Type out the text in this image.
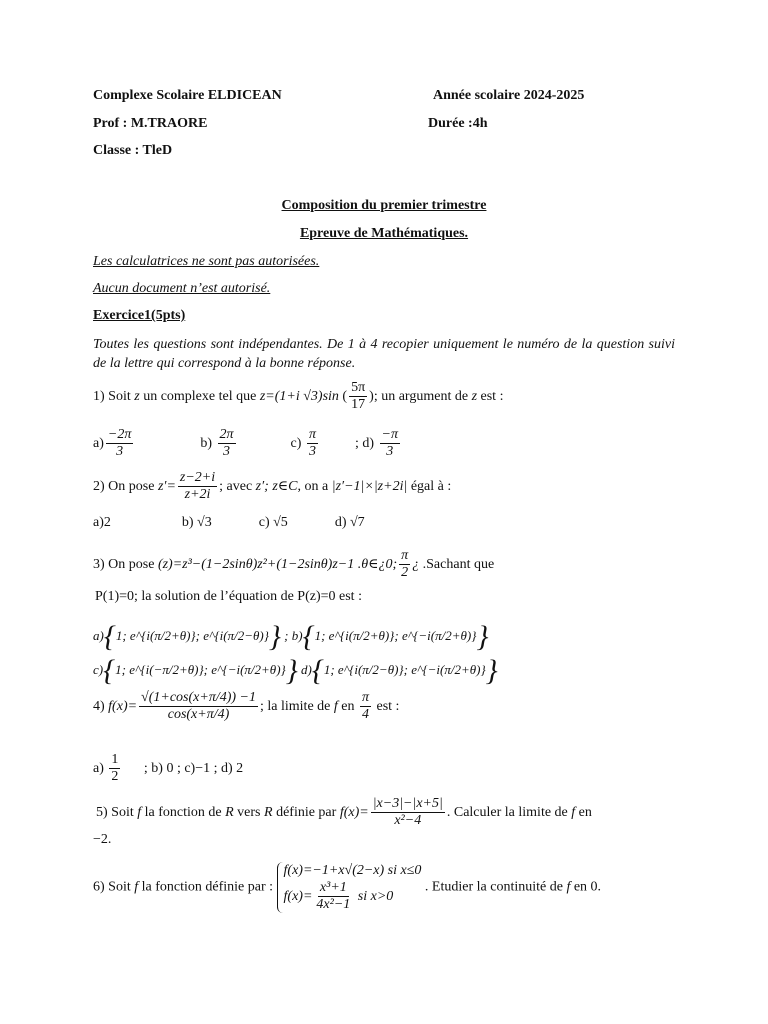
Complexe Scolaire ELDICEAN	Année scolaire 2024-2025
Prof : M.TRAORE	Durée :4h
Classe : TleD
Composition du premier trimestre
Epreuve de Mathématiques.
Les calculatrices ne sont pas autorisées.
Aucun document n’est autorisé.
Exercice1(5pts)
Toutes les questions sont indépendantes. De 1 à 4 recopier uniquement le numéro de la question suivi de la lettre qui correspond à la bonne réponse.
1) Soit z un complexe tel que z=(1+i √3)sin ( $\frac{5\pi}{17}$ ); un argument de z est :
$a) \frac{-2\pi}{3}$	$b) \frac{2\pi}{3}$	$c) \frac{\pi}{3}$	; $d) \frac{-\pi}{3}$
2) On pose $z'= \frac{z-2+i}{z+2i}$ ; avec z′; z∈C, on a |z′−1|×|z+2i| égal à :
a)2	b) √3	c) √5	d) √7
3) On pose (z)=z³−(1−2sinθ)z²+(1−2sinθ)z−1 .θ∈¿0; $\frac{\pi}{2}$ ¿ .Sachant que
P(1)=0; la solution de l’équation de P(z)=0 est :
a){1; e^{i(π/2+θ)}; e^{i(π/2−θ)}} ; b){1; e^{i(π/2+θ)}; e^{−i(π/2+θ)}}
c){1; e^{i(−π/2+θ)}; e^{−i(π/2+θ)}} d){1; e^{i(π/2−θ)}; e^{−i(π/2+θ)}}
4) $f(x)= \frac{√(1+\cos(x+\pi/4)) -1}{\cos(x+\pi/4)}$ ; la limite de f en $\frac{\pi}{4}$ est :
$a) \frac{1}{2}$ ; b) 0 ; c)−1 ; d) 2
5) Soit f la fonction de R vers R définie par $f(x)= \frac{|x-3|-|x+5|}{\text{x²−4}}$ . Calculer la limite de f en
−2.
6) Soit f la fonction définie par :
f(x)=−1+x√(2−x) si x≤0
$f(x)= \frac{\text{x³+1}}{\text{4x²−1}}$ si x>0
. Etudier la continuité de f en 0.
